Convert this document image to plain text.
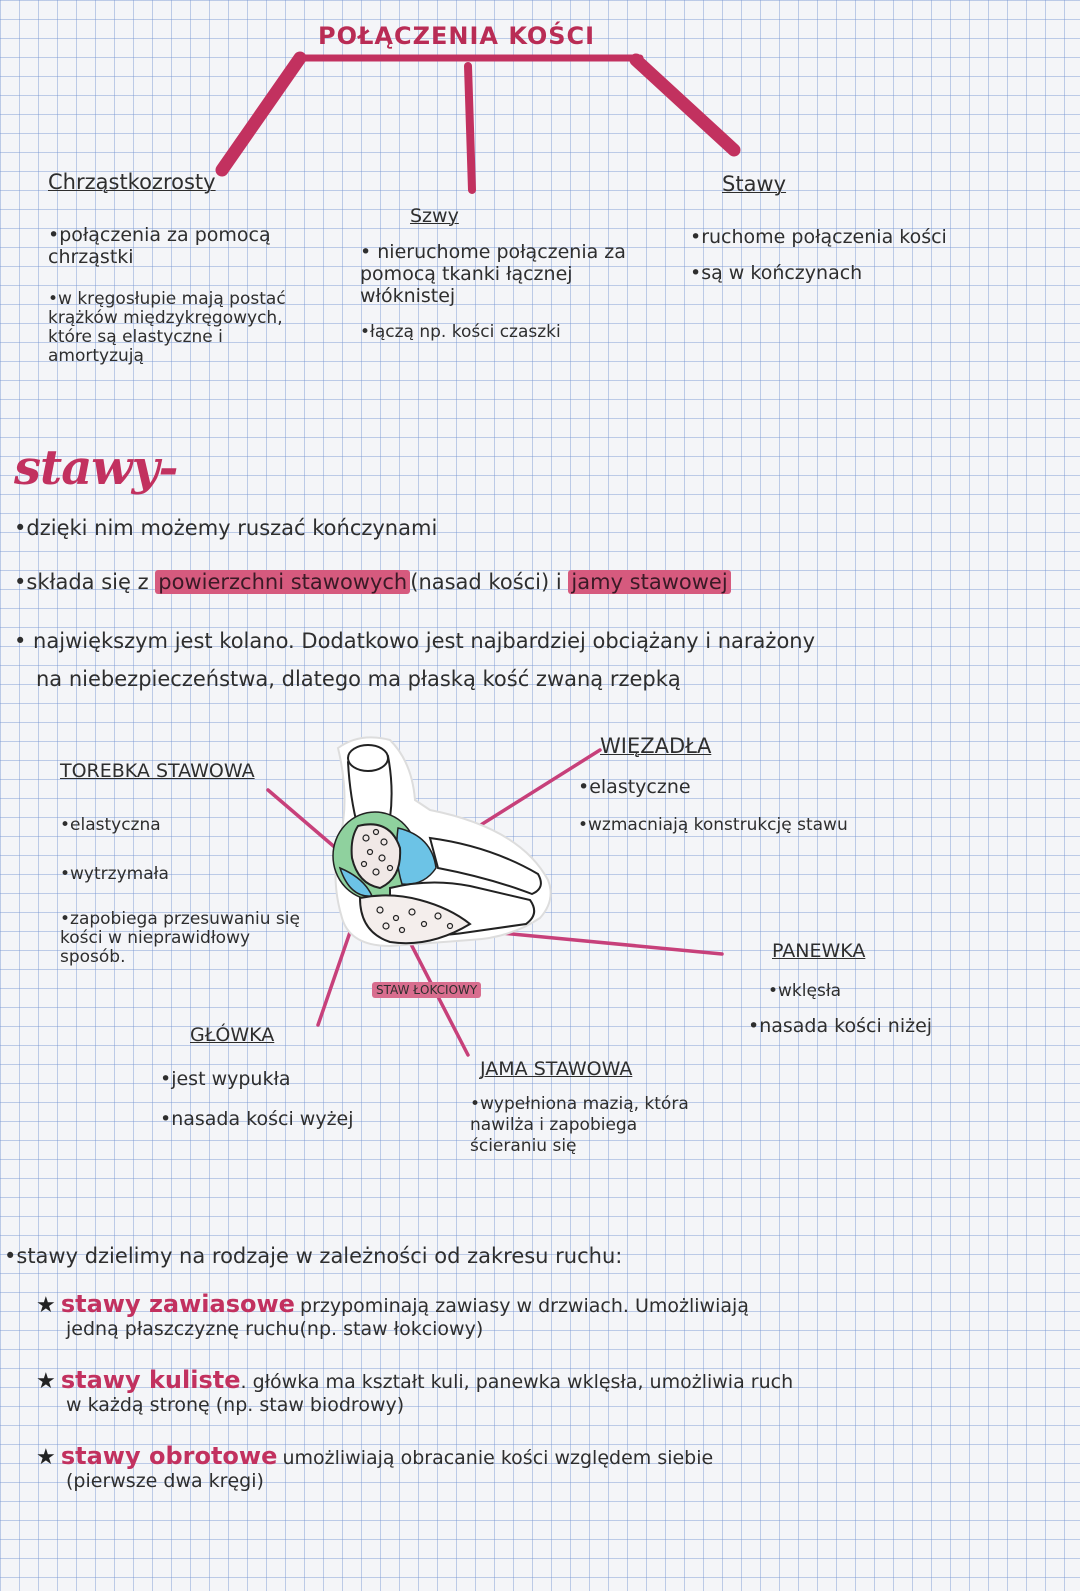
POŁĄCZENIA KOŚCI
Chrząstkozrosty
•połączenia za pomocą chrząstki
•w kręgosłupie mają postać krążków międzykręgowych, które są elastyczne i amortyzują
Szwy
• nieruchome połączenia za pomocą tkanki łącznej włóknistej
•łączą np. kości czaszki
Stawy
•ruchome połączenia kości
•są w kończynach
stawy-
•dzięki nim możemy ruszać kończynami
•składa się z powierzchni stawowych (nasad kości) i jamy stawowej
• największym jest kolano. Dodatkowo jest najbardziej obciążany i narażony
na niebezpieczeństwa, dlatego ma płaską kość zwaną rzepką
STAW ŁOKCIOWY
TOREBKA STAWOWA
•elastyczna
•wytrzymała
•zapobiega przesuwaniu się kości w nieprawidłowy sposób.
WIĘZADŁA
•elastyczne
•wzmacniają konstrukcję stawu
PANEWKA
•wklęsła
•nasada kości niżej
GŁÓWKA
•jest wypukła
•nasada kości wyżej
JAMA STAWOWA
•wypełniona mazią, która nawilża i zapobiega ścieraniu się
•stawy dzielimy na rodzaje w zależności od zakresu ruchu:
★ stawy zawiasowe przypominają zawiasy w drzwiach. Umożliwiają
jedną płaszczyznę ruchu(np. staw łokciowy)
★ stawy kuliste. główka ma kształt kuli, panewka wklęsła, umożliwia ruch
w każdą stronę (np. staw biodrowy)
★ stawy obrotowe umożliwiają obracanie kości względem siebie
(pierwsze dwa kręgi)
